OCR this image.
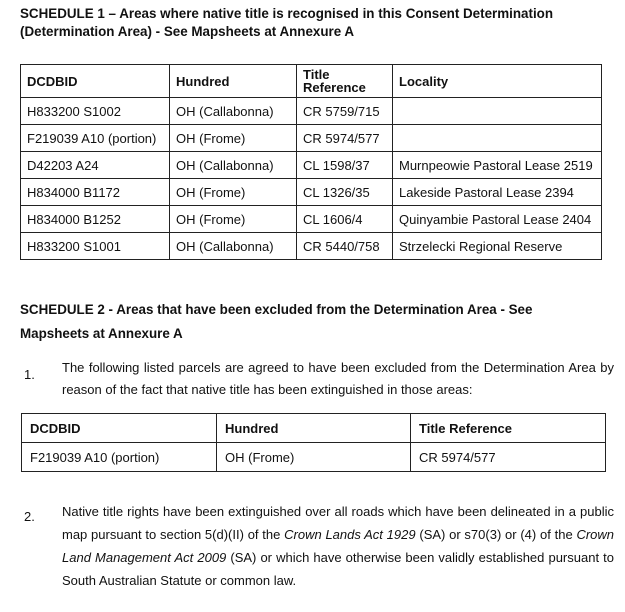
SCHEDULE 1 – Areas where native title is recognised in this Consent Determination

(Determination Area) - See Mapsheets at Annexure A

DCDBID	Hundred	Title Reference	Locality
H833200 S1002	OH (Callabonna)	CR 5759/715	
F219039 A10 (portion)	OH (Frome)	CR 5974/577	
D42203 A24	OH (Callabonna)	CL 1598/37	Murnpeowie Pastoral Lease 2519
H834000 B1172	OH (Frome)	CL 1326/35	Lakeside Pastoral Lease 2394
H834000 B1252	OH (Frome)	CL 1606/4	Quinyambie Pastoral Lease 2404
H833200 S1001	OH (Callabonna)	CR 5440/758	Strzelecki Regional Reserve

SCHEDULE 2 - Areas that have been excluded from the Determination Area - See

Mapsheets at Annexure A

1. The following listed parcels are agreed to have been excluded from the Determination Area by reason of the fact that native title has been extinguished in those areas:
DCDBID	Hundred	Title Reference
F219039 A10 (portion)	OH (Frome)	CR 5974/577
2. Native title rights have been extinguished over all roads which have been delineated in a public map pursuant to section 5(d)(II) of the Crown Lands Act 1929 (SA) or s70(3) or (4) of the Crown Land Management Act 2009 (SA) or which have otherwise been validly established pursuant to South Australian Statute or common law.
